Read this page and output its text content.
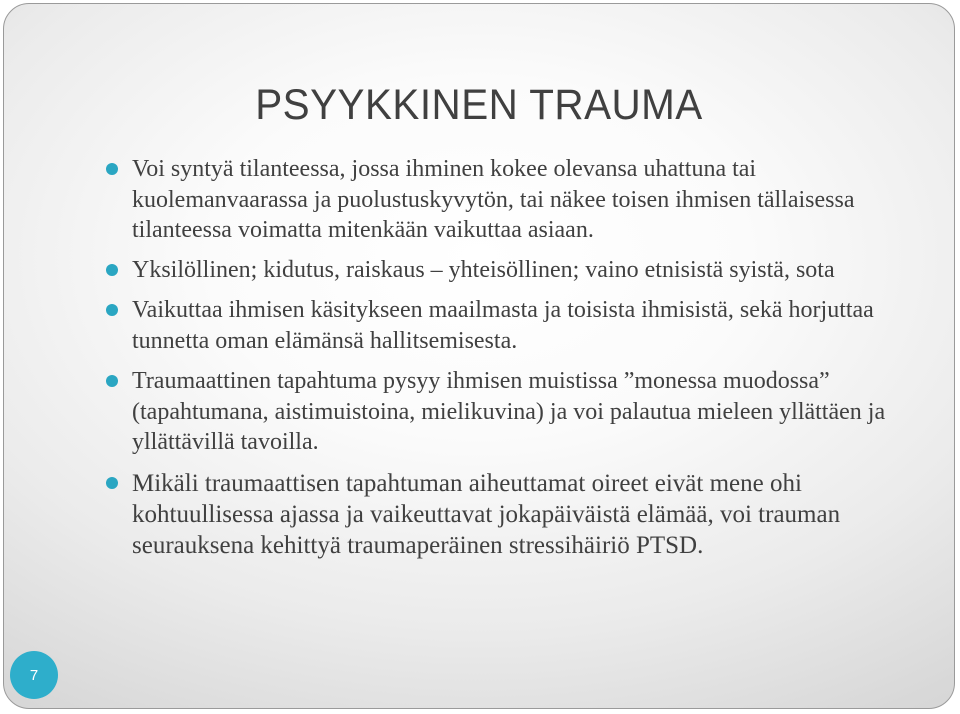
PSYYKKINEN TRAUMA
Voi syntyä tilanteessa, jossa ihminen kokee olevansa uhattuna tai kuolemanvaarassa ja puolustuskyvytön, tai näkee toisen ihmisen tällaisessa tilanteessa voimatta mitenkään vaikuttaa asiaan.
Yksilöllinen; kidutus, raiskaus – yhteisöllinen; vaino etnisistä syistä, sota
Vaikuttaa ihmisen käsitykseen maailmasta ja toisista ihmisistä, sekä horjuttaa tunnetta oman elämänsä hallitsemisesta.
Traumaattinen tapahtuma pysyy ihmisen muistissa ”monessa muodossa” (tapahtumana, aistimuistoina, mielikuvina) ja voi palautua mieleen yllättäen ja yllättävillä tavoilla.
Mikäli traumaattisen tapahtuman aiheuttamat oireet eivät mene ohi kohtuullisessa ajassa ja vaikeuttavat jokapäiväistä elämää, voi trauman seurauksena kehittyä traumaperäinen stressihäiriö PTSD.
7
